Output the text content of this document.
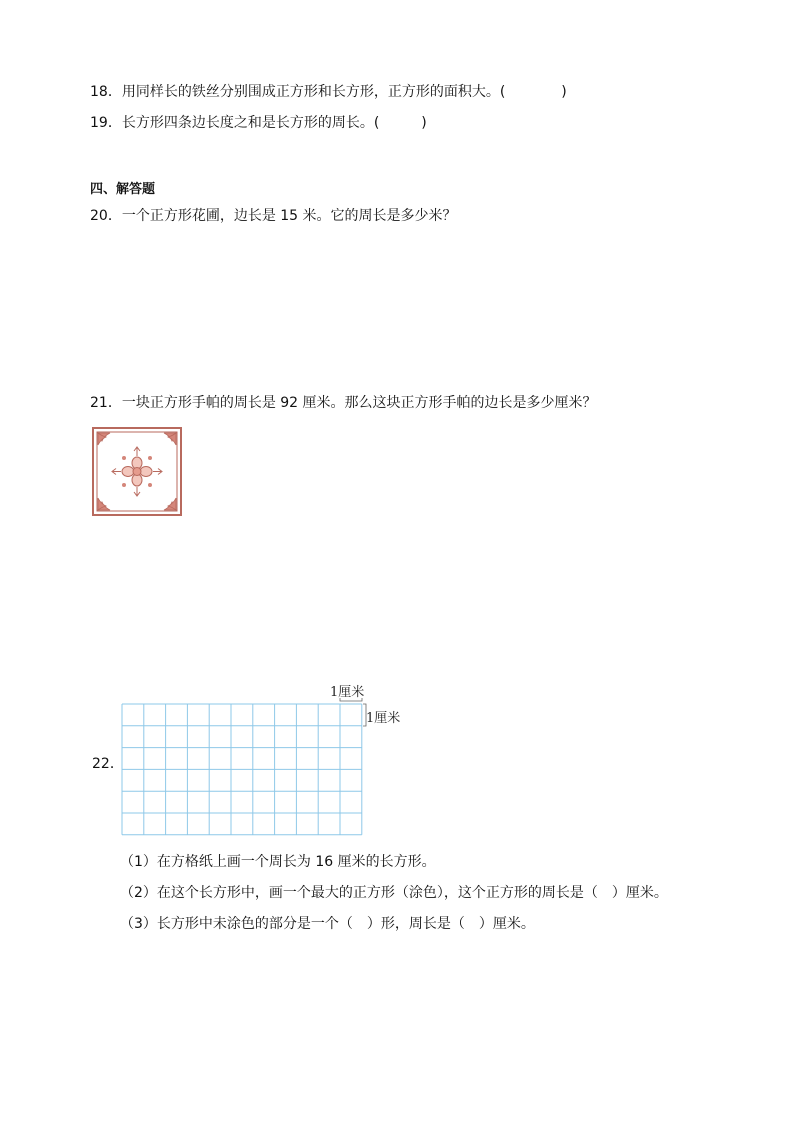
18．用同样长的铁丝分别围成正方形和长方形，正方形的面积大。(　　　　)
19．长方形四条边长度之和是长方形的周长。(　　　)
四、解答题
20．一个正方形花圃，边长是 15 米。它的周长是多少米？
21．一块正方形手帕的周长是 92 厘米。那么这块正方形手帕的边长是多少厘米？
1厘米
1厘米
22．
（1）在方格纸上画一个周长为 16 厘米的长方形。
（2）在这个长方形中，画一个最大的正方形（涂色），这个正方形的周长是（　）厘米。
（3）长方形中未涂色的部分是一个（　）形，周长是（　）厘米。
